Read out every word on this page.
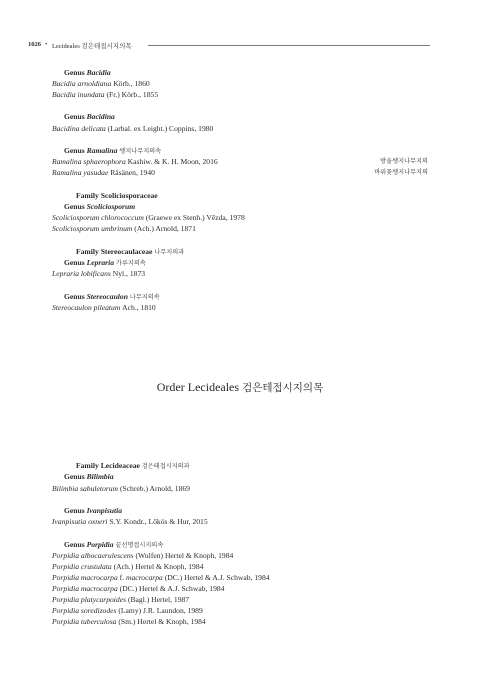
1026 • Lecideales 검은테접시지의목
Genus Bacidia
Bacidia arnoldiana Körb., 1860
Bacidia inundata (Fr.) Körb., 1855
Genus Bacidina
Bacidina delicata (Larbal. ex Leight.) Coppins, 1980
Genus Ramalina 쌩지나무지의속
Ramalina sphaerophora Kashiw. & K. H. Moon, 2016	방울쌩지나무지의
Ramalina yasudae Räsänen, 1940	바위꽃쌩지나무지의
Family Scoliciosporaceae
Genus Scoliciosporum
Scoliciosporum chlorococcum (Graewe ex Stenh.) Vězda, 1978
Scoliciosporum umbrinum (Ach.) Arnold, 1871
Family Stereocaulaceae 나무지의과
Genus Lepraria 가루지의속
Lepraria lobificans Nyl., 1873
Genus Stereocaulon 나무지의속
Stereocaulon pileatum Ach., 1810
Order Lecideales 검은테접시지의목
Family Lecideaceae 검은테접시지의과
Genus Bilimbia
Bilimbia sabuletorum (Schreb.) Arnold, 1869
Genus Ivanpisutia
Ivanpisutia oxneri S.Y. Kondr., Lőkös & Hur, 2015
Genus Porpidia 끝선명접시지의속
Porpidia albocaerulescens (Wulfen) Hertel & Knoph, 1984
Porpidia crustulata (Ach.) Hertel & Knoph, 1984
Porpidia macrocarpa f. macrocarpa (DC.) Hertel & A.J. Schwab, 1984
Porpidia macrocarpa (DC.) Hertel & A.J. Schwab, 1984
Porpidia platycarpoides (Bagl.) Hertel, 1987
Porpidia soredizodes (Lamy) J.R. Laundon, 1989
Porpidia tuberculosa (Sm.) Hertel & Knoph, 1984
